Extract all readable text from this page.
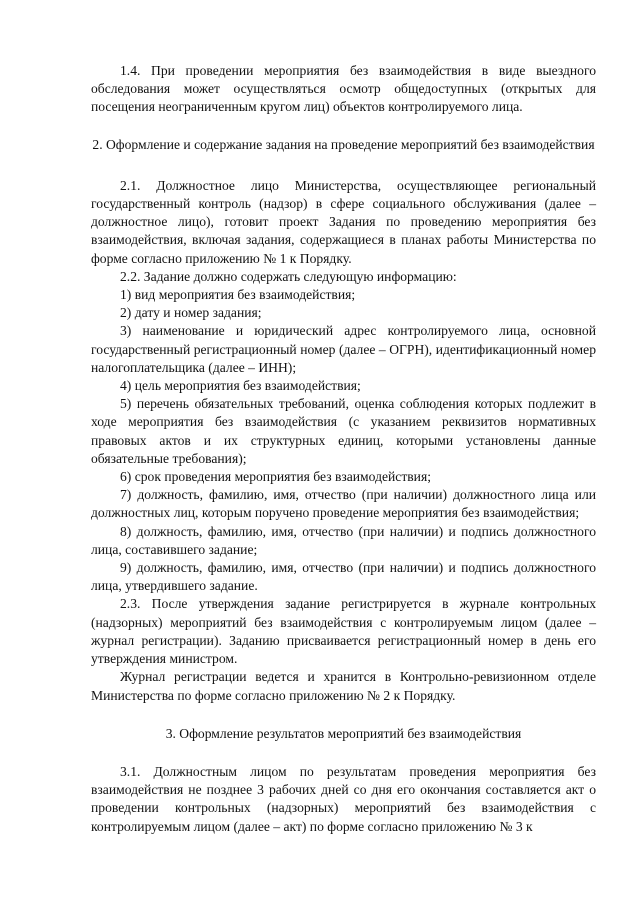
1.4. При проведении мероприятия без взаимодействия в виде выездного обследования может осуществляться осмотр общедоступных (открытых для посещения неограниченным кругом лиц) объектов контролируемого лица.

2. Оформление и содержание задания на проведение мероприятий без взаимодействия

2.1. Должностное лицо Министерства, осуществляющее региональный государственный контроль (надзор) в сфере социального обслуживания (далее – должностное лицо), готовит проект Задания по проведению мероприятия без взаимодействия, включая задания, содержащиеся в планах работы Министерства по форме согласно приложению № 1 к Порядку.

2.2. Задание должно содержать следующую информацию:

1) вид мероприятия без взаимодействия;

2) дату и номер задания;

3) наименование и юридический адрес контролируемого лица, основной государственный регистрационный номер (далее – ОГРН), идентификационный номер налогоплательщика (далее – ИНН);

4) цель мероприятия без взаимодействия;

5) перечень обязательных требований, оценка соблюдения которых подлежит в ходе мероприятия без взаимодействия (с указанием реквизитов нормативных правовых актов и их структурных единиц, которыми установлены данные обязательные требования);

6) срок проведения мероприятия без взаимодействия;

7) должность, фамилию, имя, отчество (при наличии) должностного лица или должностных лиц, которым поручено проведение мероприятия без взаимодействия;

8) должность, фамилию, имя, отчество (при наличии) и подпись должностного лица, составившего задание;

9) должность, фамилию, имя, отчество (при наличии) и подпись должностного лица, утвердившего задание.

2.3. После утверждения задание регистрируется в журнале контрольных (надзорных) мероприятий без взаимодействия с контролируемым лицом (далее – журнал регистрации). Заданию присваивается регистрационный номер в день его утверждения министром.

Журнал регистрации ведется и хранится в Контрольно-ревизионном отделе Министерства по форме согласно приложению № 2 к Порядку.

3. Оформление результатов мероприятий без взаимодействия

3.1. Должностным лицом по результатам проведения мероприятия без взаимодействия не позднее 3 рабочих дней со дня его окончания составляется акт о проведении контрольных (надзорных) мероприятий без взаимодействия с контролируемым лицом (далее – акт) по форме согласно приложению № 3 к
